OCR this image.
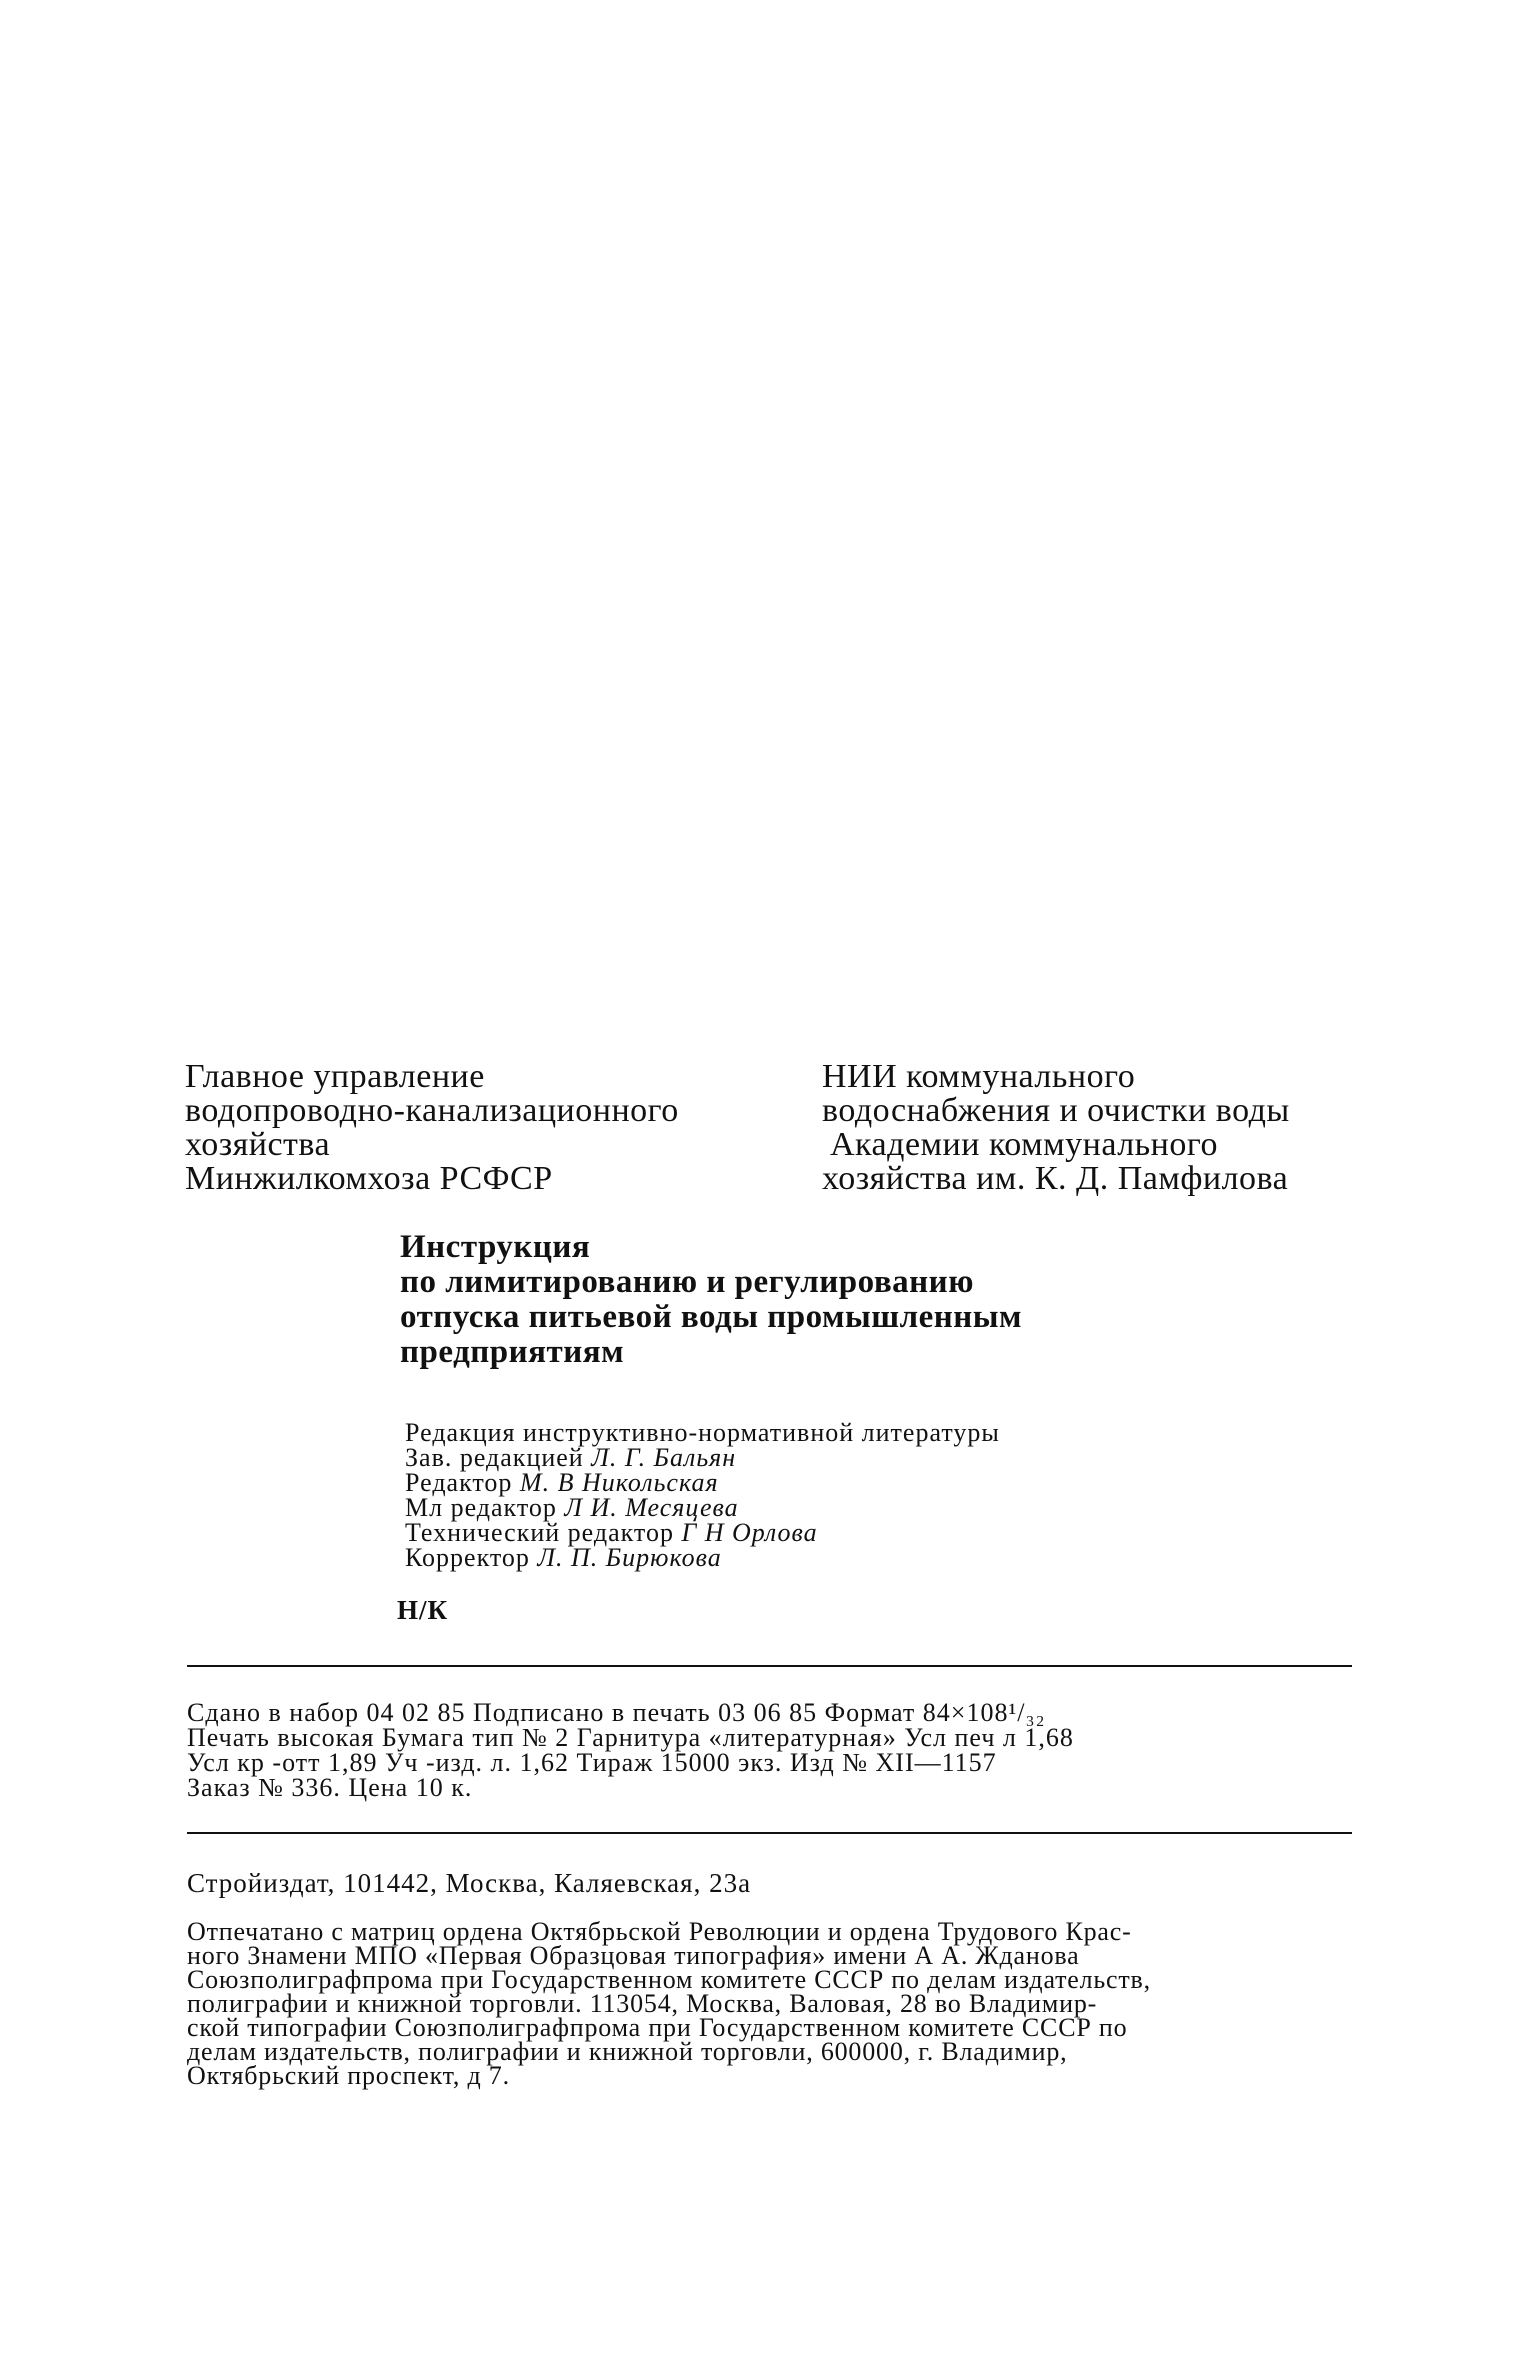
Главное управление
водопроводно-канализационного
хозяйства
Минжилкомхоза РСФСР
НИИ коммунального
водоснабжения и очистки воды
Академии коммунального
хозяйства им. К. Д. Памфилова
Инструкция
по лимитированию и регулированию
отпуска питьевой воды промышленным
предприятиям
Редакция инструктивно-нормативной литературы
Зав. редакцией Л. Г. Бальян
Редактор М. В Никольская
Мл редактор Л И. Месяцева
Технический редактор Г Н Орлова
Корректор Л. П. Бирюкова
Н/К
Сдано в набор 04 02 85 Подписано в печать 03 06 85 Формат 84×108¹/₃₂
Печать высокая Бумага тип № 2 Гарнитура «литературная» Усл печ л 1,68
Усл кр -отт 1,89 Уч -изд. л. 1,62 Тираж 15000 экз. Изд № XII—1157
Заказ № 336. Цена 10 к.
Стройиздат, 101442, Москва, Каляевская, 23а
Отпечатано с матриц ордена Октябрьской Революции и ордена Трудового Крас-
ного Знамени МПО «Первая Образцовая типография» имени А А. Жданова
Союзполиграфпрома при Государственном комитете СССР по делам издательств,
полиграфии и книжной торговли. 113054, Москва, Валовая, 28 во Владимир-
ской типографии Союзполиграфпрома при Государственном комитете СССР по
делам издательств, полиграфии и книжной торговли, 600000, г. Владимир,
Октябрьский проспект, д 7.
